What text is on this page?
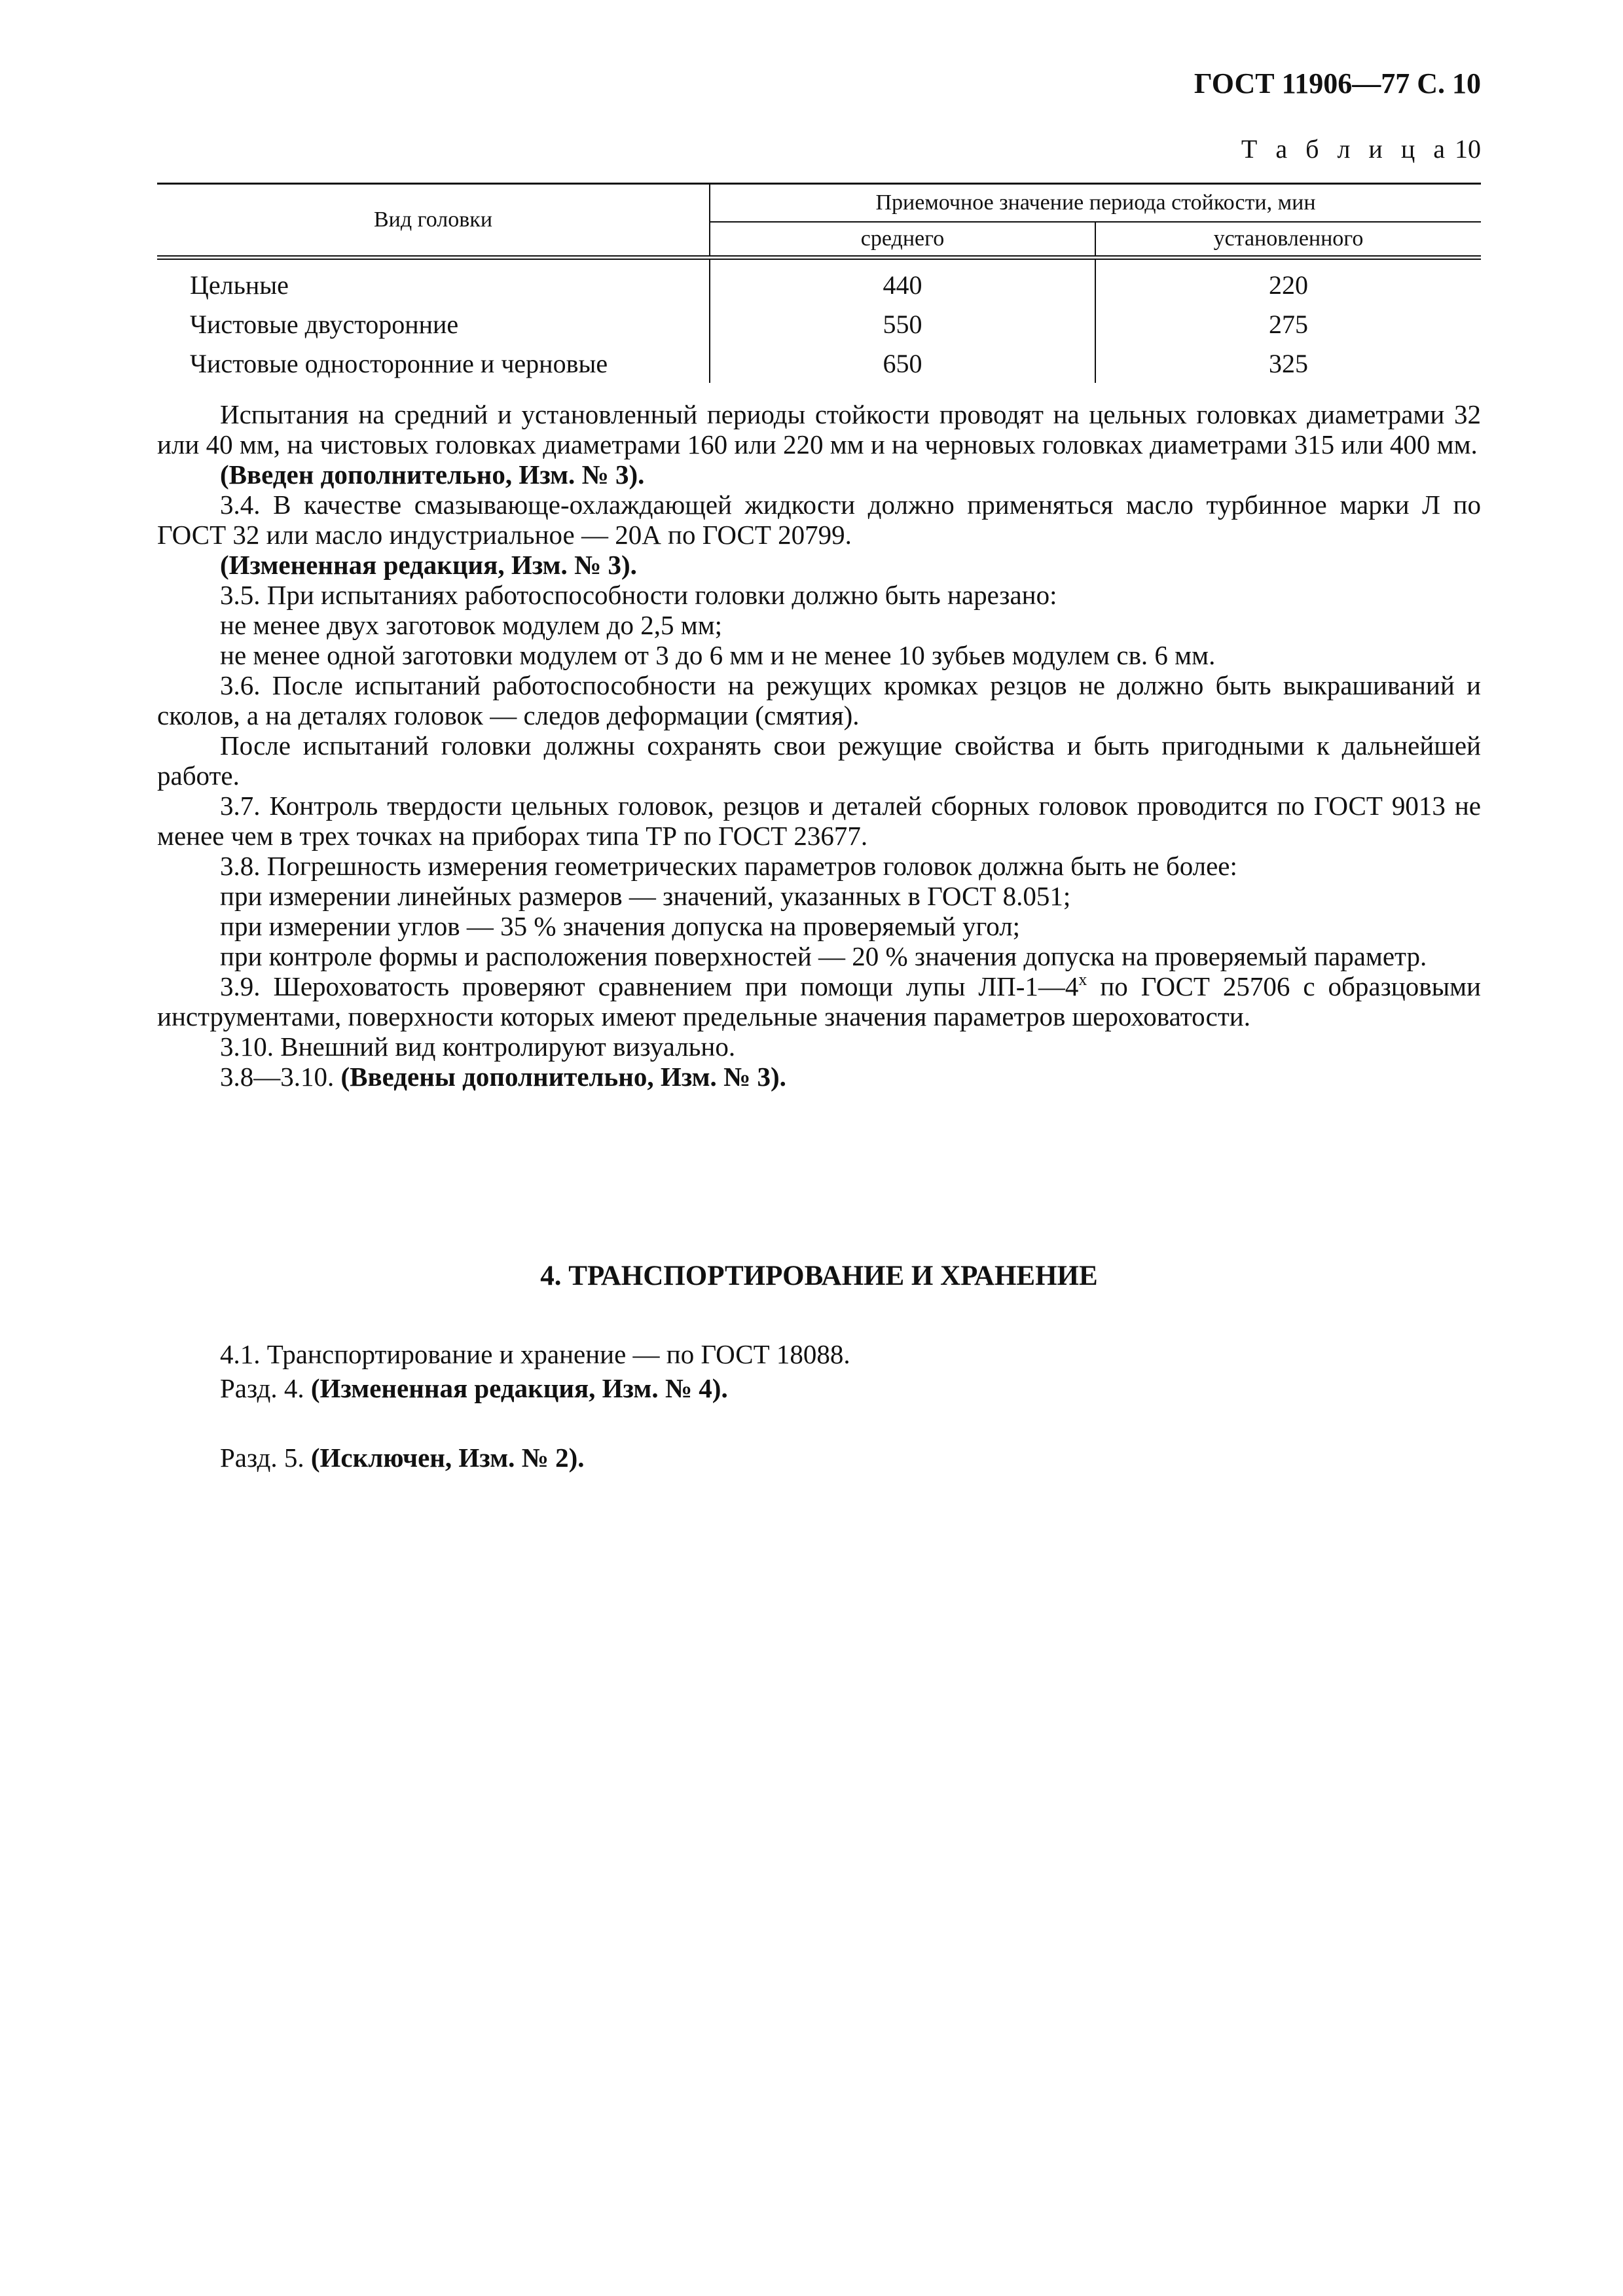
ГОСТ 11906—77 С. 10
Т а б л и ц а 10
Вид головки	Приемочное значение периода стойкости, мин	
	среднего	установленного
Цельные	440	220
Чистовые двусторонние	550	275
Чистовые односторонние и черновые	650	325

Испытания на средний и установленный периоды стойкости проводят на цельных головках диаметрами 32 или 40 мм, на чистовых головках диаметрами 160 или 220 мм и на черновых головках диаметрами 315 или 400 мм.

(Введен дополнительно, Изм. № 3).

3.4. В качестве смазывающе-охлаждающей жидкости должно применяться масло турбинное марки Л по ГОСТ 32 или масло индустриальное — 20А по ГОСТ 20799.

(Измененная редакция, Изм. № 3).

3.5. При испытаниях работоспособности головки должно быть нарезано:

не менее двух заготовок модулем до 2,5 мм;

не менее одной заготовки модулем от 3 до 6 мм и не менее 10 зубьев модулем св. 6 мм.

3.6. После испытаний работоспособности на режущих кромках резцов не должно быть выкрашиваний и сколов, а на деталях головок — следов деформации (смятия).

После испытаний головки должны сохранять свои режущие свойства и быть пригодными к дальнейшей работе.

3.7. Контроль твердости цельных головок, резцов и деталей сборных головок проводится по ГОСТ 9013 не менее чем в трех точках на приборах типа ТР по ГОСТ 23677.

3.8. Погрешность измерения геометрических параметров головок должна быть не более:

при измерении линейных размеров — значений, указанных в ГОСТ 8.051;

при измерении углов — 35 % значения допуска на проверяемый угол;

при контроле формы и расположения поверхностей — 20 % значения допуска на проверяемый параметр.

3.9. Шероховатость проверяют сравнением при помощи лупы $ЛП-1—4^х$ по ГОСТ 25706 с образцовыми инструментами, поверхности которых имеют предельные значения параметров шероховатости.

3.10. Внешний вид контролируют визуально.

3.8—3.10. (Введены дополнительно, Изм. № 3).

4. ТРАНСПОРТИРОВАНИЕ И ХРАНЕНИЕ

4.1. Транспортирование и хранение — по ГОСТ 18088.

Разд. 4. (Измененная редакция, Изм. № 4).

Разд. 5. (Исключен, Изм. № 2).
